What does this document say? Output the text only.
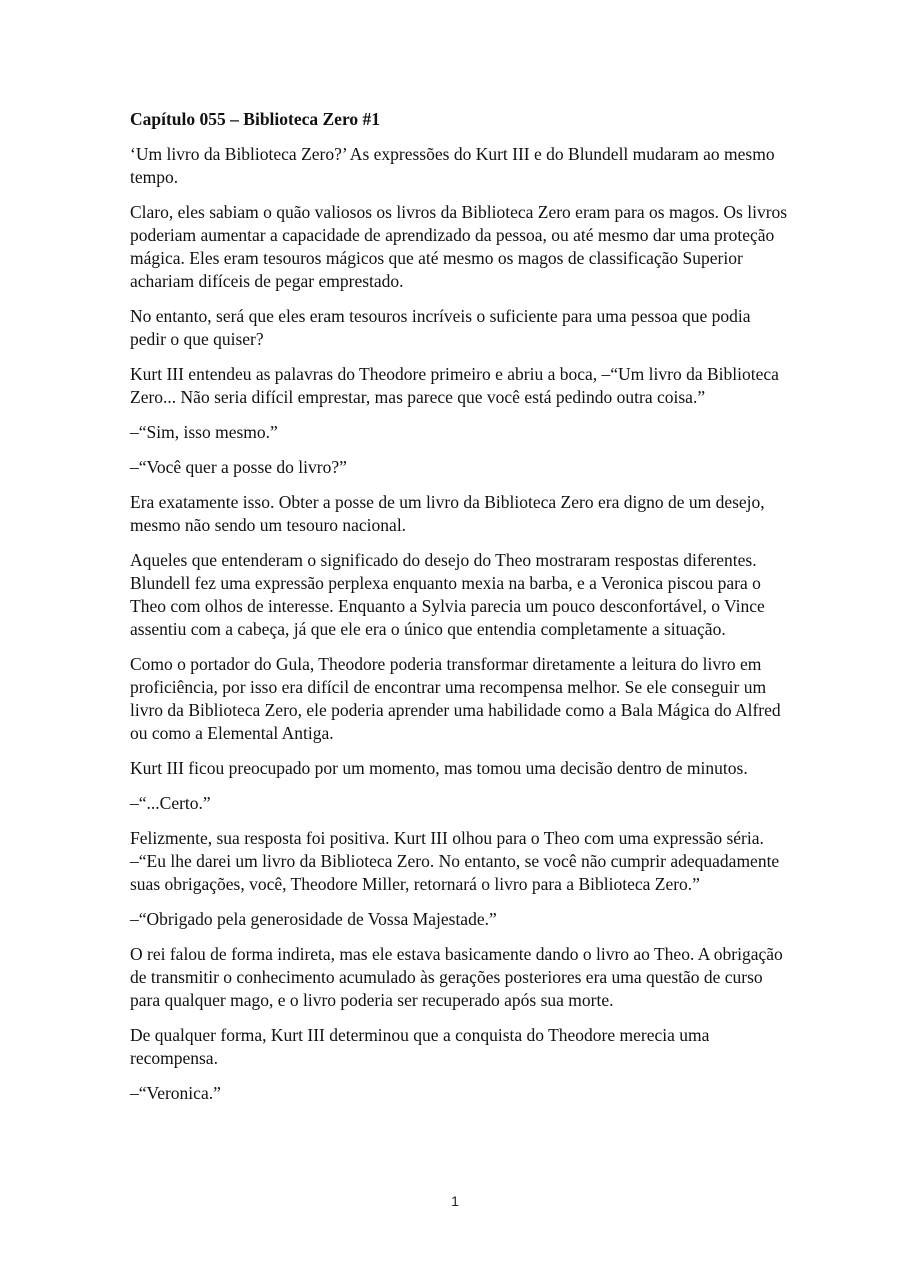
Capítulo 055 – Biblioteca Zero #1

‘Um livro da Biblioteca Zero?’ As expressões do Kurt III e do Blundell mudaram ao mesmo tempo.

Claro, eles sabiam o quão valiosos os livros da Biblioteca Zero eram para os magos. Os livros poderiam aumentar a capacidade de aprendizado da pessoa, ou até mesmo dar uma proteção mágica. Eles eram tesouros mágicos que até mesmo os magos de classificação Superior achariam difíceis de pegar emprestado.

No entanto, será que eles eram tesouros incríveis o suficiente para uma pessoa que podia pedir o que quiser?

Kurt III entendeu as palavras do Theodore primeiro e abriu a boca, –“Um livro da Biblioteca Zero... Não seria difícil emprestar, mas parece que você está pedindo outra coisa.”

–“Sim, isso mesmo.”

–“Você quer a posse do livro?”

Era exatamente isso. Obter a posse de um livro da Biblioteca Zero era digno de um desejo, mesmo não sendo um tesouro nacional.

Aqueles que entenderam o significado do desejo do Theo mostraram respostas diferentes. Blundell fez uma expressão perplexa enquanto mexia na barba, e a Veronica piscou para o Theo com olhos de interesse. Enquanto a Sylvia parecia um pouco desconfortável, o Vince assentiu com a cabeça, já que ele era o único que entendia completamente a situação.

Como o portador do Gula, Theodore poderia transformar diretamente a leitura do livro em proficiência, por isso era difícil de encontrar uma recompensa melhor. Se ele conseguir um livro da Biblioteca Zero, ele poderia aprender uma habilidade como a Bala Mágica do Alfred ou como a Elemental Antiga.

Kurt III ficou preocupado por um momento, mas tomou uma decisão dentro de minutos.

–“...Certo.”

Felizmente, sua resposta foi positiva. Kurt III olhou para o Theo com uma expressão séria. –“Eu lhe darei um livro da Biblioteca Zero. No entanto, se você não cumprir adequadamente suas obrigações, você, Theodore Miller, retornará o livro para a Biblioteca Zero.”

–“Obrigado pela generosidade de Vossa Majestade.”

O rei falou de forma indireta, mas ele estava basicamente dando o livro ao Theo. A obrigação de transmitir o conhecimento acumulado às gerações posteriores era uma questão de curso para qualquer mago, e o livro poderia ser recuperado após sua morte.

De qualquer forma, Kurt III determinou que a conquista do Theodore merecia uma recompensa.

–“Veronica.”

1
